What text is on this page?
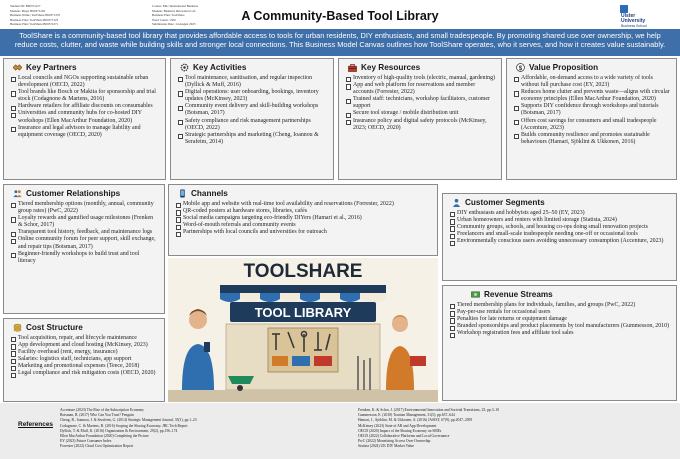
Student ID: B00371227
Module: Major B00371292
Business Name: ToolShare B00371270
Business Plan: ToolShare B00371323
Business Plan: ToolShare B00372271
Course: MSc International Business
Module: Business Innovation Lab
Business Plan: ToolShare
Word Count: 1500
Submission Date: 14 August 2025
A Community-Based Tool Library	Ulster
University
Business School
ToolShare is a community-based tool library that provides affordable access to tools for urban residents, DIY enthusiasts, and small tradespeople. By promoting shared use over ownership, we help reduce costs, clutter, and waste while building skills and stronger local connections. This Business Model Canvas outlines how ToolShare operates, who it serves, and how it creates value sustainably.
Key Partners
Local councils and NGOs supporting sustainable urban development (OECD, 2022)
Tool brands like Bosch or Makita for sponsorship and trial stock (Codagnone & Martens, 2016)
Hardware retailers for affiliate discounts on consumables
Universities and community hubs for co-hosted DIY workshops (Ellen MacArthur Foundation, 2020)
Insurance and legal advisors to manage liability and equipment coverage (OECD, 2020)
Key Activities
Tool maintenance, sanitisation, and regular inspection (Dyllick & Muff, 2016)
Digital operations: user onboarding, bookings, inventory updates (McKinsey, 2023)
Community event delivery and skill-building workshops (Botsman, 2017)
Safety compliance and risk management partnerships (OECD, 2022)
Strategic partnerships and marketing (Cheng, Ioannou & Serafeim, 2014)
Key Resources
Inventory of high-quality tools (electric, manual, gardening)
App and web platform for reservations and member accounts (Forrester, 2022)
Trained staff: technicians, workshop facilitators, customer support
Secure tool storage / mobile distribution unit
Insurance policy and digital safety protocols (McKinsey, 2023; OECD, 2020)
$ Value Proposition
Affordable, on-demand access to a wide variety of tools without full purchase cost (EY, 2023)
Reduces home clutter and prevents waste—aligns with circular economy principles (Ellen MacArthur Foundation, 2020)
Supports DIY confidence through workshops and tutorials (Botsman, 2017)
Offers cost savings for consumers and small tradespeople (Accenture, 2023)
Builds community resilience and promotes sustainable behaviours (Hamari, Sjöklint & Ukkonen, 2016)
Customer Relationships
Tiered membership options (monthly, annual, community group rates) (PwC, 2022)
Loyalty rewards and gamified usage milestones (Frenken & Schor, 2017)
Transparent tool history, feedback, and maintenance logs
Online community forum for peer support, skill exchange, and repair tips (Botsman, 2017)
Beginner-friendly workshops to build trust and tool literacy
Channels
Mobile app and website with real-time tool availability and reservations (Forrester, 2022)
QR-coded posters at hardware stores, libraries, cafés
Social media campaigns targeting eco-friendly DIYers (Hamari et al., 2016)
Word-of-mouth referrals and community events
Partnerships with local councils and universities for outreach
Customer Segments
DIY enthusiasts and hobbyists aged 25–50 (EY, 2023)
Urban homeowners and renters with limited storage (Statista, 2024)
Community groups, schools, and housing co-ops doing small renovation projects
Freelancers and small-scale tradespeople needing one-off or occasional tools
Environmentally conscious users avoiding unnecessary consumption (Accenture, 2023)
TOOLSHARE
TOOL LIBRARY
Cost Structure
Tool acquisition, repair, and lifecycle maintenance
App development and cloud hosting (McKinsey, 2023)
Facility overhead (rent, energy, insurance)
Salaries: logistics staff, technicians, app support
Marketing and promotional expenses (Teece, 2018)
Legal compliance and risk mitigation costs (OECD, 2020)
Revenue Streams
Tiered membership plans for individuals, families, and groups (PwC, 2022)
Pay-per-use rentals for occasional users
Penalties for late returns or equipment damage
Branded sponsorships and product placements by tool manufacturers (Gummesson, 2010)
Workshop registration fees and affiliate tool sales
References
Accenture (2023) The Rise of the Subscription Economy
Botsman, R. (2017) Who Can You Trust? Penguin
Cheng, B., Ioannou, I. & Serafeim, G. (2014) Strategic Management Journal, 35(1), pp.1–23
Codagnone, C. & Martens, B. (2016) Scoping the Sharing Economy. JRC Tech Report
Dyllick, T. & Muff, K. (2016) Organization & Environment, 29(2), pp.156–174
Ellen MacArthur Foundation (2020) Completing the Picture
EY (2023) Future Consumer Index
Forrester (2022) Cloud Cost Optimization Report
Frenken, K. & Schor, J. (2017) Environmental Innovation and Societal Transitions, 23, pp.3–10
Gummesson, E. (2010) Tourism Management, 31(5), pp.637–644
Hamari, J., Sjöklint, M. & Ukkonen, A. (2016) JASIST, 67(9), pp.2047–2059
McKinsey (2023) State of AR and App Development
OECD (2020) Impact of the Sharing Economy on SMEs
OECD (2022) Collaborative Platforms and Local Governance
PwC (2022) Monetizing Access Over Ownership
Statista (2024) UK DIY Market Value
